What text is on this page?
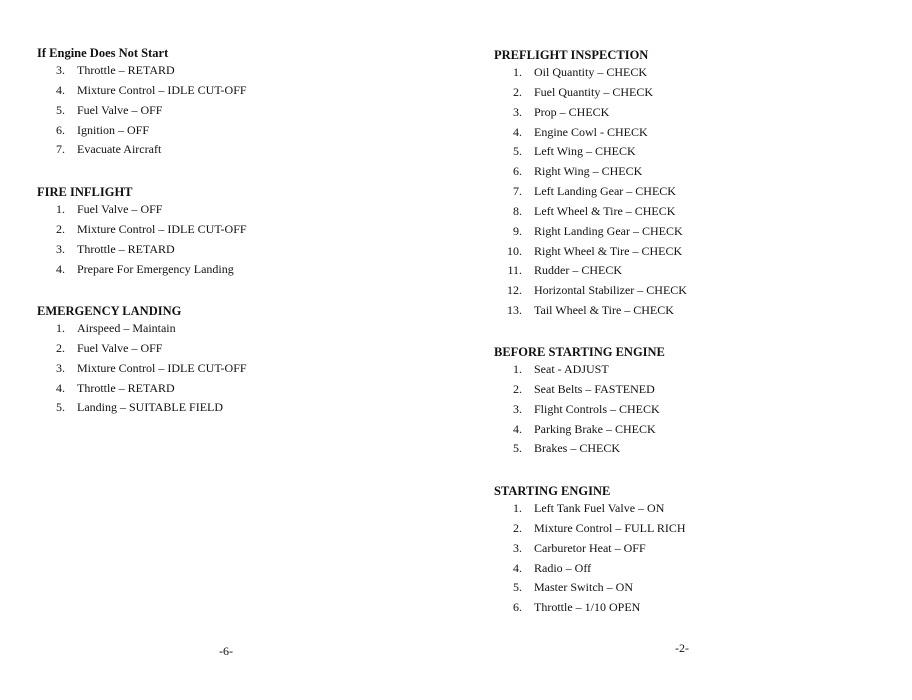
If Engine Does Not Start
3. Throttle – RETARD
4. Mixture Control – IDLE CUT-OFF
5. Fuel Valve – OFF
6. Ignition – OFF
7. Evacuate Aircraft
FIRE INFLIGHT
1. Fuel Valve – OFF
2. Mixture Control – IDLE CUT-OFF
3. Throttle – RETARD
4. Prepare For Emergency Landing
EMERGENCY LANDING
1. Airspeed – Maintain
2. Fuel Valve – OFF
3. Mixture Control – IDLE CUT-OFF
4. Throttle – RETARD
5. Landing – SUITABLE FIELD
-6-
PREFLIGHT INSPECTION
1. Oil Quantity – CHECK
2. Fuel Quantity – CHECK
3. Prop – CHECK
4. Engine Cowl - CHECK
5. Left Wing – CHECK
6. Right Wing – CHECK
7. Left Landing Gear – CHECK
8. Left Wheel & Tire – CHECK
9. Right Landing Gear – CHECK
10. Right Wheel & Tire – CHECK
11. Rudder – CHECK
12. Horizontal Stabilizer – CHECK
13. Tail Wheel & Tire – CHECK
BEFORE STARTING ENGINE
1. Seat - ADJUST
2. Seat Belts – FASTENED
3. Flight Controls – CHECK
4. Parking Brake – CHECK
5. Brakes – CHECK
STARTING ENGINE
1. Left Tank Fuel Valve – ON
2. Mixture Control – FULL RICH
3. Carburetor Heat – OFF
4. Radio – Off
5. Master Switch – ON
6. Throttle – 1/10 OPEN
-2-
